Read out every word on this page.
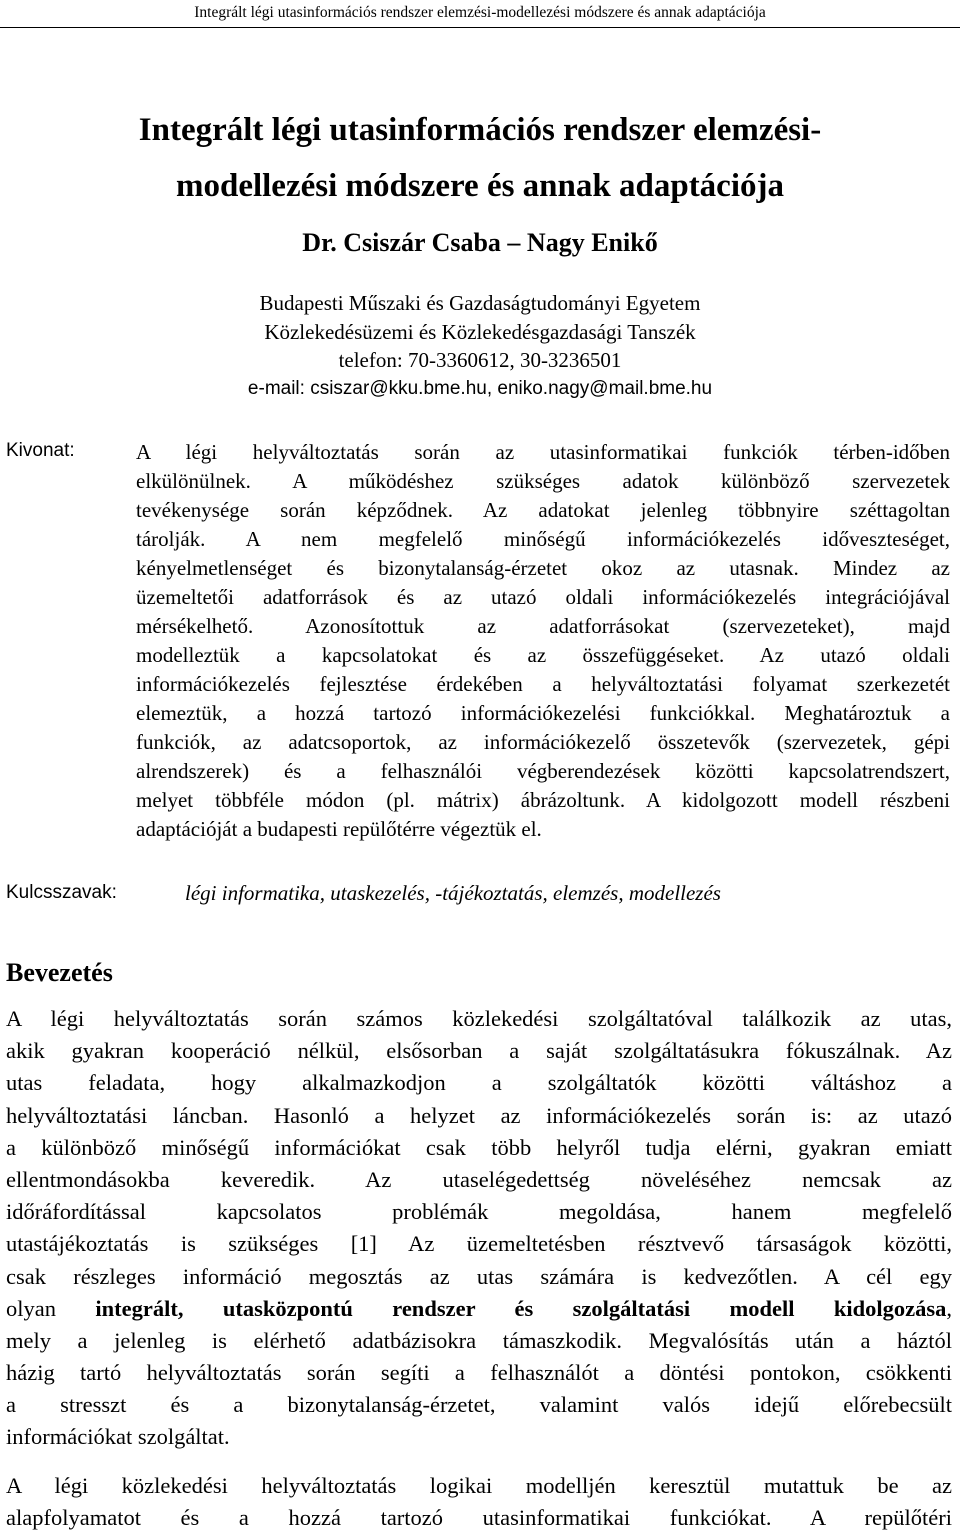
Integrált légi utasinformációs rendszer elemzési-modellezési módszere és annak adaptációja
Integrált légi utasinformációs rendszer elemzési-
modellezési módszere és annak adaptációja
Dr. Csiszár Csaba – Nagy Enikő
Budapesti Műszaki és Gazdaságtudományi Egyetem
Közlekedésüzemi és Közlekedésgazdasági Tanszék
telefon: 70-3360612, 30-3236501
e-mail: csiszar@kku.bme.hu, eniko.nagy@mail.bme.hu
Kivonat:	A légi helyváltoztatás során az utasinformatikai funkciók térben-időben
elkülönülnek. A működéshez szükséges adatok különböző szervezetek
tevékenysége során képződnek. Az adatokat jelenleg többnyire széttagoltan
tárolják. A nem megfelelő minőségű információkezelés időveszteséget,
kényelmetlenséget és bizonytalanság-érzetet okoz az utasnak. Mindez az
üzemeltetői adatforrások és az utazó oldali információkezelés integrációjával
mérsékelhető. Azonosítottuk az adatforrásokat (szervezeteket), majd
modelleztük a kapcsolatokat és az összefüggéseket. Az utazó oldali
információkezelés fejlesztése érdekében a helyváltoztatási folyamat szerkezetét
elemeztük, a hozzá tartozó információkezelési funkciókkal. Meghatároztuk a
funkciók, az adatcsoportok, az információkezelő összetevők (szervezetek, gépi
alrendszerek) és a felhasználói végberendezések közötti kapcsolatrendszert,
melyet többféle módon (pl. mátrix) ábrázoltunk. A kidolgozott modell részbeni
adaptációját a budapesti repülőtérre végeztük el.
Kulcsszavak:	légi informatika, utaskezelés, -tájékoztatás, elemzés, modellezés
Bevezetés
A légi helyváltoztatás során számos közlekedési szolgáltatóval találkozik az utas,
akik gyakran kooperáció nélkül, elsősorban a saját szolgáltatásukra fókuszálnak. Az
utas feladata, hogy alkalmazkodjon a szolgáltatók közötti váltáshoz a
helyváltoztatási láncban. Hasonló a helyzet az információkezelés során is: az utazó
a különböző minőségű információkat csak több helyről tudja elérni, gyakran emiatt
ellentmondásokba keveredik. Az utaselégedettség növeléséhez nemcsak az
időráfordítással kapcsolatos problémák megoldása, hanem megfelelő
utastájékoztatás is szükséges [1] Az üzemeltetésben résztvevő társaságok közötti,
csak részleges információ megosztás az utas számára is kedvezőtlen. A cél egy
olyan integrált, utasközpontú rendszer és szolgáltatási modell kidolgozása,
mely a jelenleg is elérhető adatbázisokra támaszkodik. Megvalósítás után a háztól
házig tartó helyváltoztatás során segíti a felhasználót a döntési pontokon, csökkenti
a stresszt és a bizonytalanság-érzetet, valamint valós idejű előrebecsült
információkat szolgáltat.
A légi közlekedési helyváltoztatás logikai modelljén keresztül mutattuk be az
alapfolyamatot és a hozzá tartozó utasinformatikai funkciókat. A repülőtéri
